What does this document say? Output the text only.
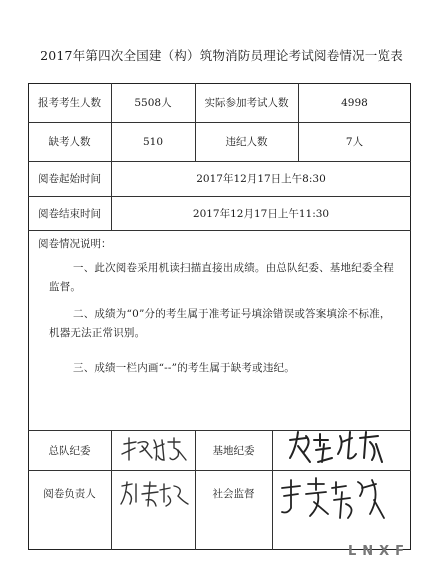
2017年第四次全国建（构）筑物消防员理论考试阅卷情况一览表
报考考生人数	5508人	实际参加考试人数	4998
缺考人数	510	违纪人数	7人
阅卷起始时间	2017年12月17日上午8:30
阅卷结束时间	2017年12月17日上午11:30
阅卷情况说明：
一、此次阅卷采用机读扫描直接出成绩。由总队纪委、基地纪委全程监督。
二、成绩为“0”分的考生属于准考证号填涂错误或答案填涂不标准，机器无法正常识别。
三、成绩一栏内画“--”的考生属于缺考或违纪。
总队纪委	基地纪委
阅卷负责人	社会监督
LNXF
